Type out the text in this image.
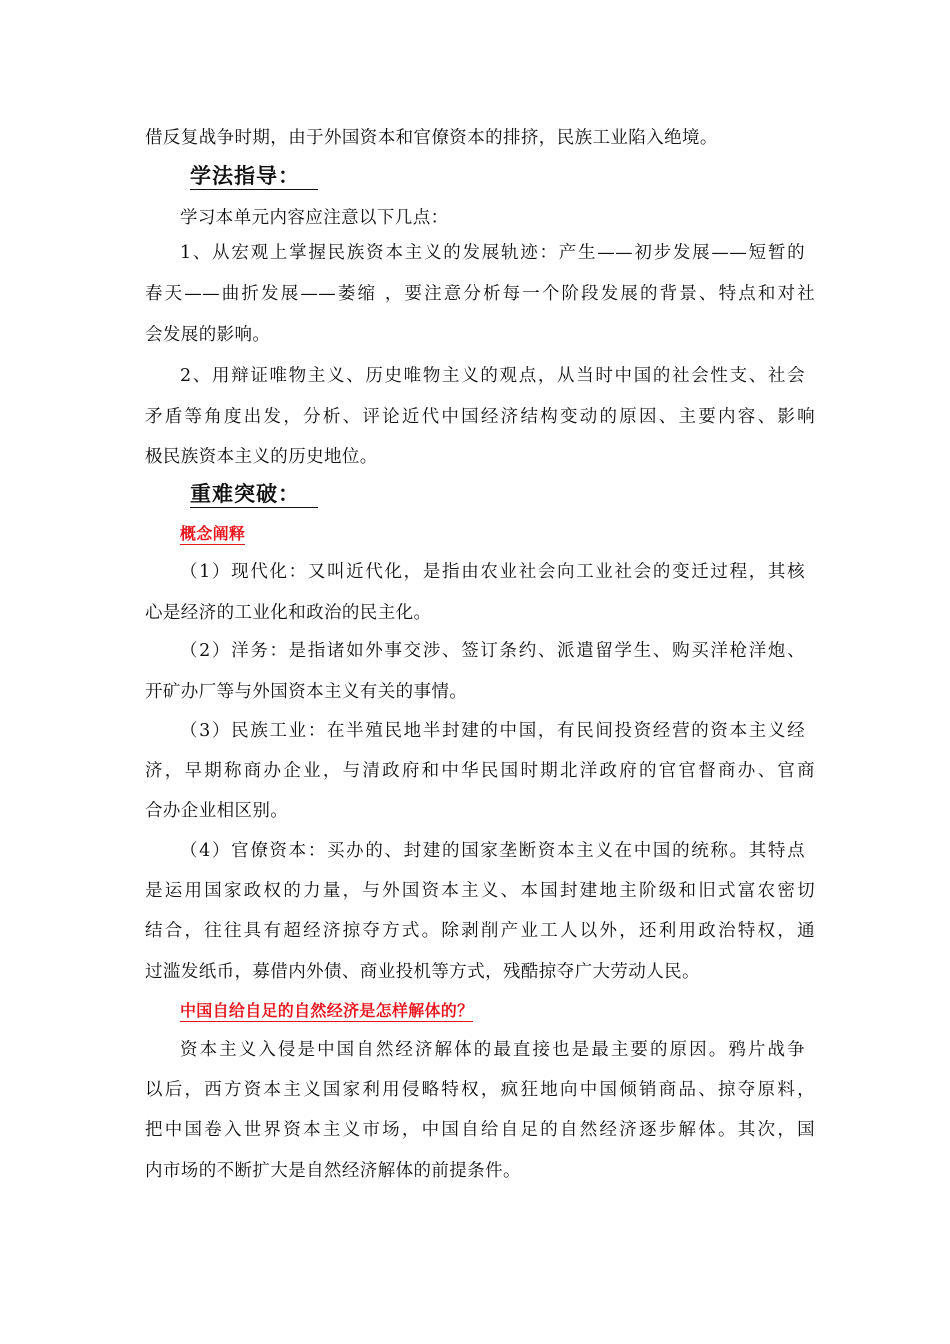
借反复战争时期，由于外国资本和官僚资本的排挤，民族工业陷入绝境。
学法指导：
学习本单元内容应注意以下几点：
1、从宏观上掌握民族资本主义的发展轨迹：产生——初步发展——短暂的
春天——曲折发展——萎缩 ，要注意分析每一个阶段发展的背景、特点和对社
会发展的影响。
2、用辩证唯物主义、历史唯物主义的观点，从当时中国的社会性支、社会
矛盾等角度出发，分析、评论近代中国经济结构变动的原因、主要内容、影响
极民族资本主义的历史地位。
重难突破：
概念阐释
（1）现代化：又叫近代化，是指由农业社会向工业社会的变迁过程，其核
心是经济的工业化和政治的民主化。
（2）洋务：是指诸如外事交涉、签订条约、派遣留学生、购买洋枪洋炮、
开矿办厂等与外国资本主义有关的事情。
（3）民族工业：在半殖民地半封建的中国，有民间投资经营的资本主义经
济，早期称商办企业，与清政府和中华民国时期北洋政府的官官督商办、官商
合办企业相区别。
（4）官僚资本：买办的、封建的国家垄断资本主义在中国的统称。其特点
是运用国家政权的力量，与外国资本主义、本国封建地主阶级和旧式富农密切
结合，往往具有超经济掠夺方式。除剥削产业工人以外，还利用政治特权，通
过滥发纸币，募借内外债、商业投机等方式，残酷掠夺广大劳动人民。
中国自给自足的自然经济是怎样解体的？
资本主义入侵是中国自然经济解体的最直接也是最主要的原因。鸦片战争
以后，西方资本主义国家利用侵略特权，疯狂地向中国倾销商品、掠夺原料，
把中国卷入世界资本主义市场，中国自给自足的自然经济逐步解体。其次，国
内市场的不断扩大是自然经济解体的前提条件。
